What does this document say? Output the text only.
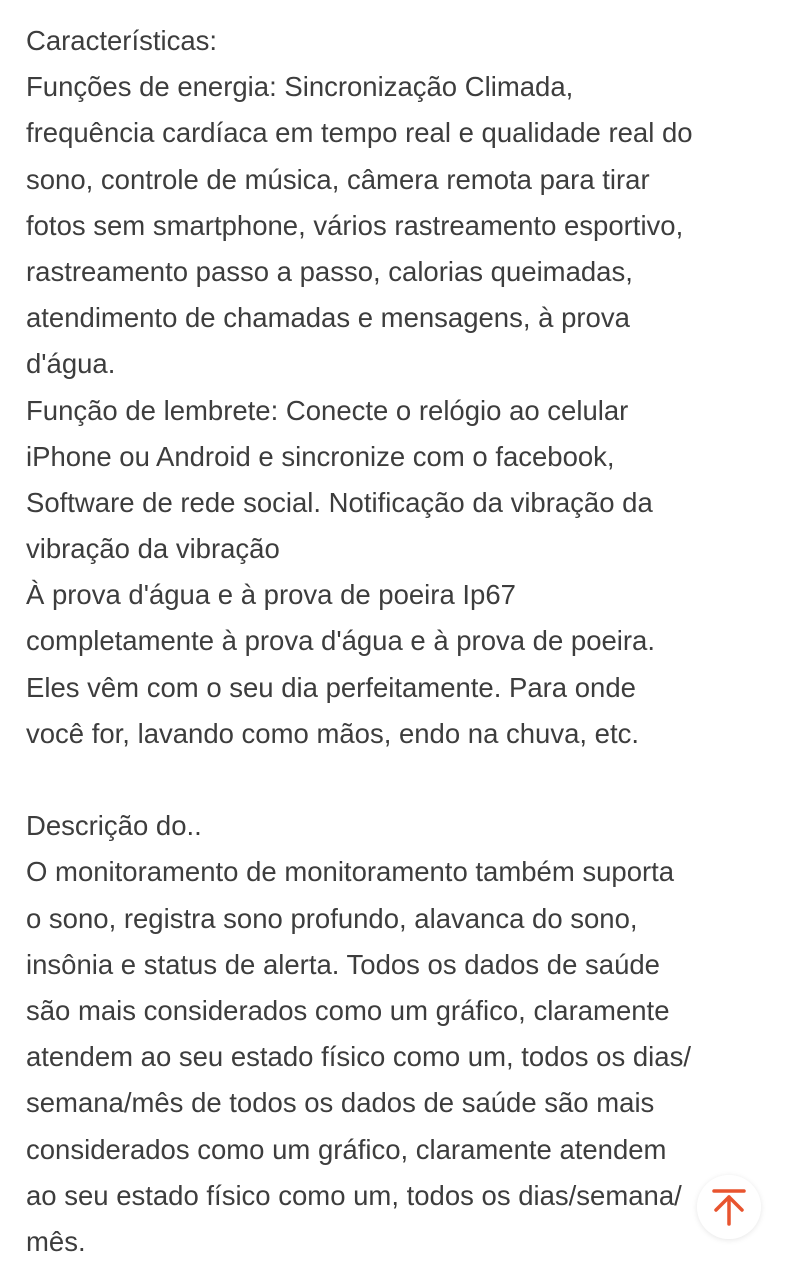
Características:
Funções de energia: Sincronização Climada,
frequência cardíaca em tempo real e qualidade real do
sono, controle de música, câmera remota para tirar
fotos sem smartphone, vários rastreamento esportivo,
rastreamento passo a passo, calorias queimadas,
atendimento de chamadas e mensagens, à prova
d'água.
Função de lembrete: Conecte o relógio ao celular
iPhone ou Android e sincronize com o facebook,
Software de rede social. Notificação da vibração da
vibração da vibração
À prova d'água e à prova de poeira Ip67
completamente à prova d'água e à prova de poeira.
Eles vêm com o seu dia perfeitamente. Para onde
você for, lavando como mãos, endo na chuva, etc.
Descrição do..
O monitoramento de monitoramento também suporta
o sono, registra sono profundo, alavanca do sono,
insônia e status de alerta. Todos os dados de saúde
são mais considerados como um gráfico, claramente
atendem ao seu estado físico como um, todos os dias/
semana/mês de todos os dados de saúde são mais
considerados como um gráfico, claramente atendem
ao seu estado físico como um, todos os dias/semana/
mês.
